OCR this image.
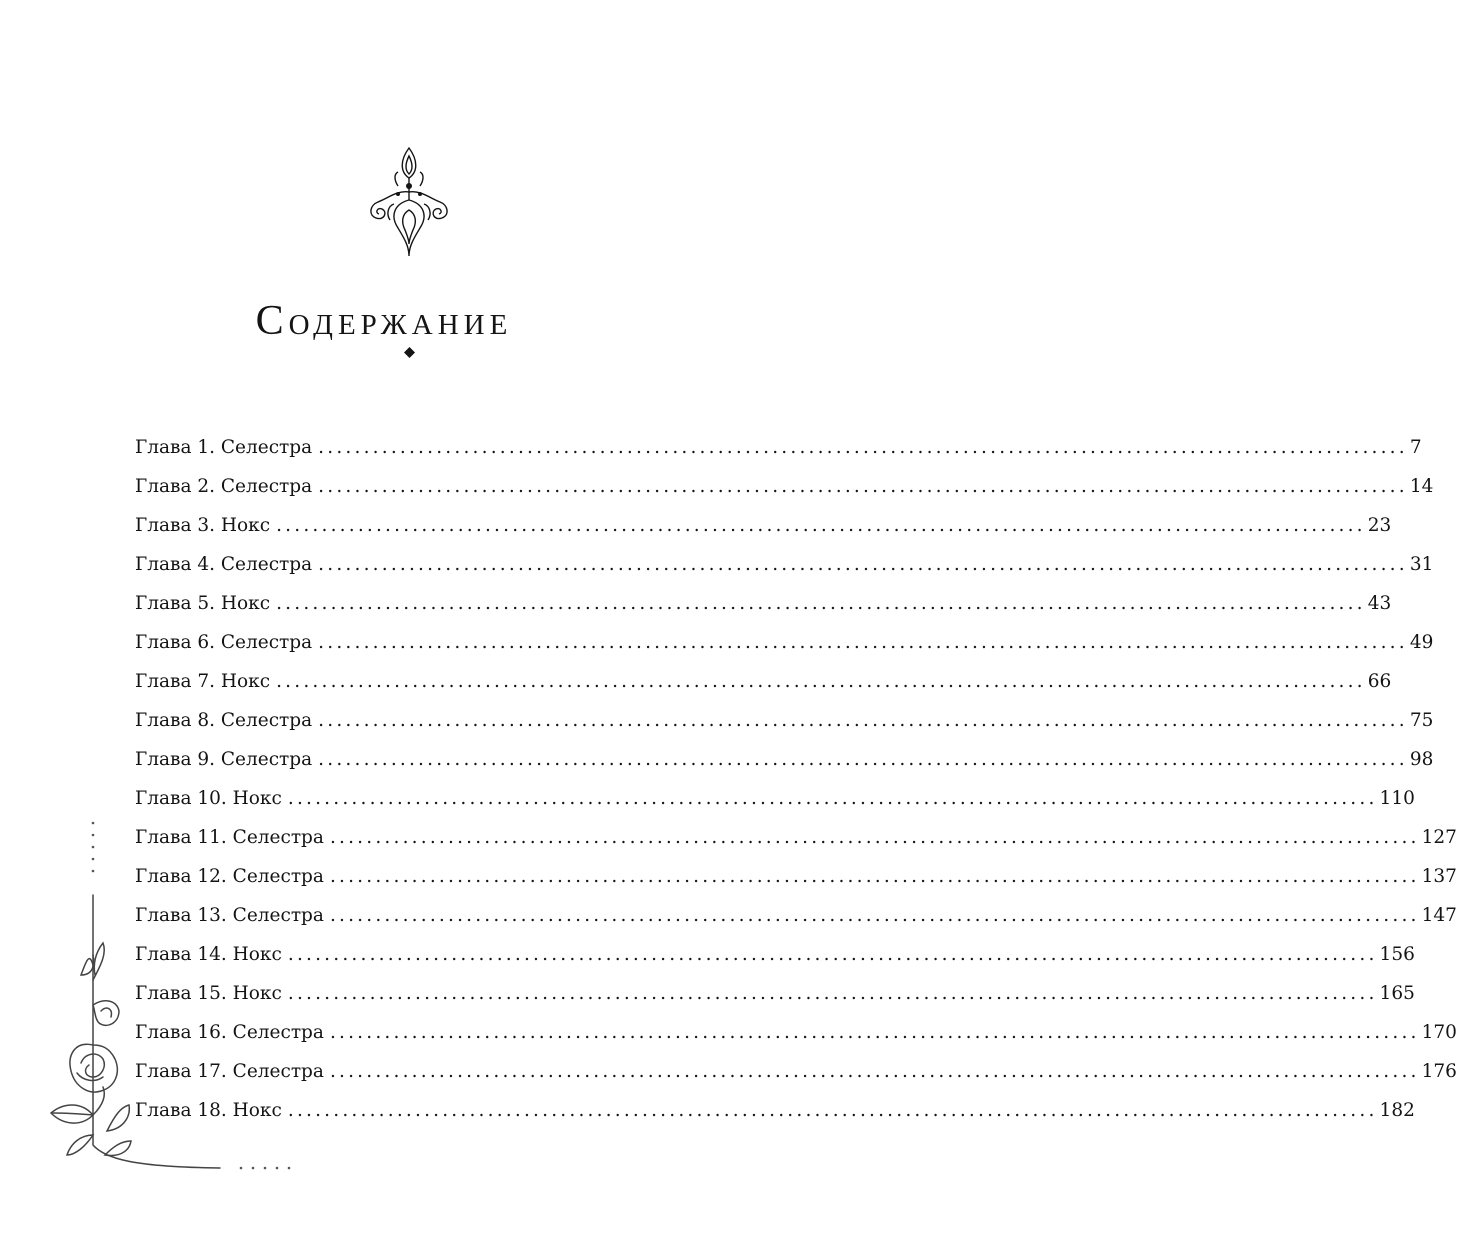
Содержание
Глава 1. Селестра ........................................................................................................................ 7
Глава 2. Селестра ........................................................................................................................ 14
Глава 3. Нокс ........................................................................................................................ 23
Глава 4. Селестра ........................................................................................................................ 31
Глава 5. Нокс ........................................................................................................................ 43
Глава 6. Селестра ........................................................................................................................ 49
Глава 7. Нокс ........................................................................................................................ 66
Глава 8. Селестра ........................................................................................................................ 75
Глава 9. Селестра ........................................................................................................................ 98
Глава 10. Нокс ........................................................................................................................ 110
Глава 11. Селестра ........................................................................................................................ 127
Глава 12. Селестра ........................................................................................................................ 137
Глава 13. Селестра ........................................................................................................................ 147
Глава 14. Нокс ........................................................................................................................ 156
Глава 15. Нокс ........................................................................................................................ 165
Глава 16. Селестра ........................................................................................................................ 170
Глава 17. Селестра ........................................................................................................................ 176
Глава 18. Нокс ........................................................................................................................ 182
